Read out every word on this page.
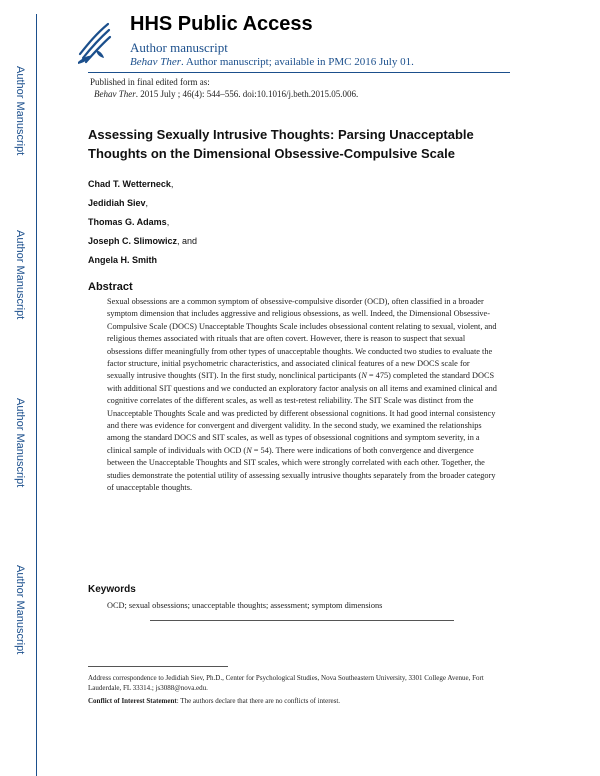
Author Manuscript
Author Manuscript
Author Manuscript
Author Manuscript
HHS Public Access
Author manuscript
Behav Ther. Author manuscript; available in PMC 2016 July 01.
Published in final edited form as:
Behav Ther. 2015 July ; 46(4): 544–556. doi:10.1016/j.beth.2015.05.006.
Assessing Sexually Intrusive Thoughts: Parsing Unacceptable Thoughts on the Dimensional Obsessive-Compulsive Scale
Chad T. Wetterneck,
Jedidiah Siev,
Thomas G. Adams,
Joseph C. Slimowicz, and
Angela H. Smith
Abstract
Sexual obsessions are a common symptom of obsessive-compulsive disorder (OCD), often classified in a broader symptom dimension that includes aggressive and religious obsessions, as well. Indeed, the Dimensional Obsessive-Compulsive Scale (DOCS) Unacceptable Thoughts Scale includes obsessional content relating to sexual, violent, and religious themes associated with rituals that are often covert. However, there is reason to suspect that sexual obsessions differ meaningfully from other types of unacceptable thoughts. We conducted two studies to evaluate the factor structure, initial psychometric characteristics, and associated clinical features of a new DOCS scale for sexually intrusive thoughts (SIT). In the first study, nonclinical participants (N = 475) completed the standard DOCS with additional SIT questions and we conducted an exploratory factor analysis on all items and examined clinical and cognitive correlates of the different scales, as well as test-retest reliability. The SIT Scale was distinct from the Unacceptable Thoughts Scale and was predicted by different obsessional cognitions. It had good internal consistency and there was evidence for convergent and divergent validity. In the second study, we examined the relationships among the standard DOCS and SIT scales, as well as types of obsessional cognitions and symptom severity, in a clinical sample of individuals with OCD (N = 54). There were indications of both convergence and divergence between the Unacceptable Thoughts and SIT scales, which were strongly correlated with each other. Together, the studies demonstrate the potential utility of assessing sexually intrusive thoughts separately from the broader category of unacceptable thoughts.
Keywords
OCD; sexual obsessions; unacceptable thoughts; assessment; symptom dimensions
Address correspondence to Jedidiah Siev, Ph.D., Center for Psychological Studies, Nova Southeastern University, 3301 College Avenue, Fort Lauderdale, FL 33314.; js3088@nova.edu.
Conflict of Interest Statement: The authors declare that there are no conflicts of interest.
